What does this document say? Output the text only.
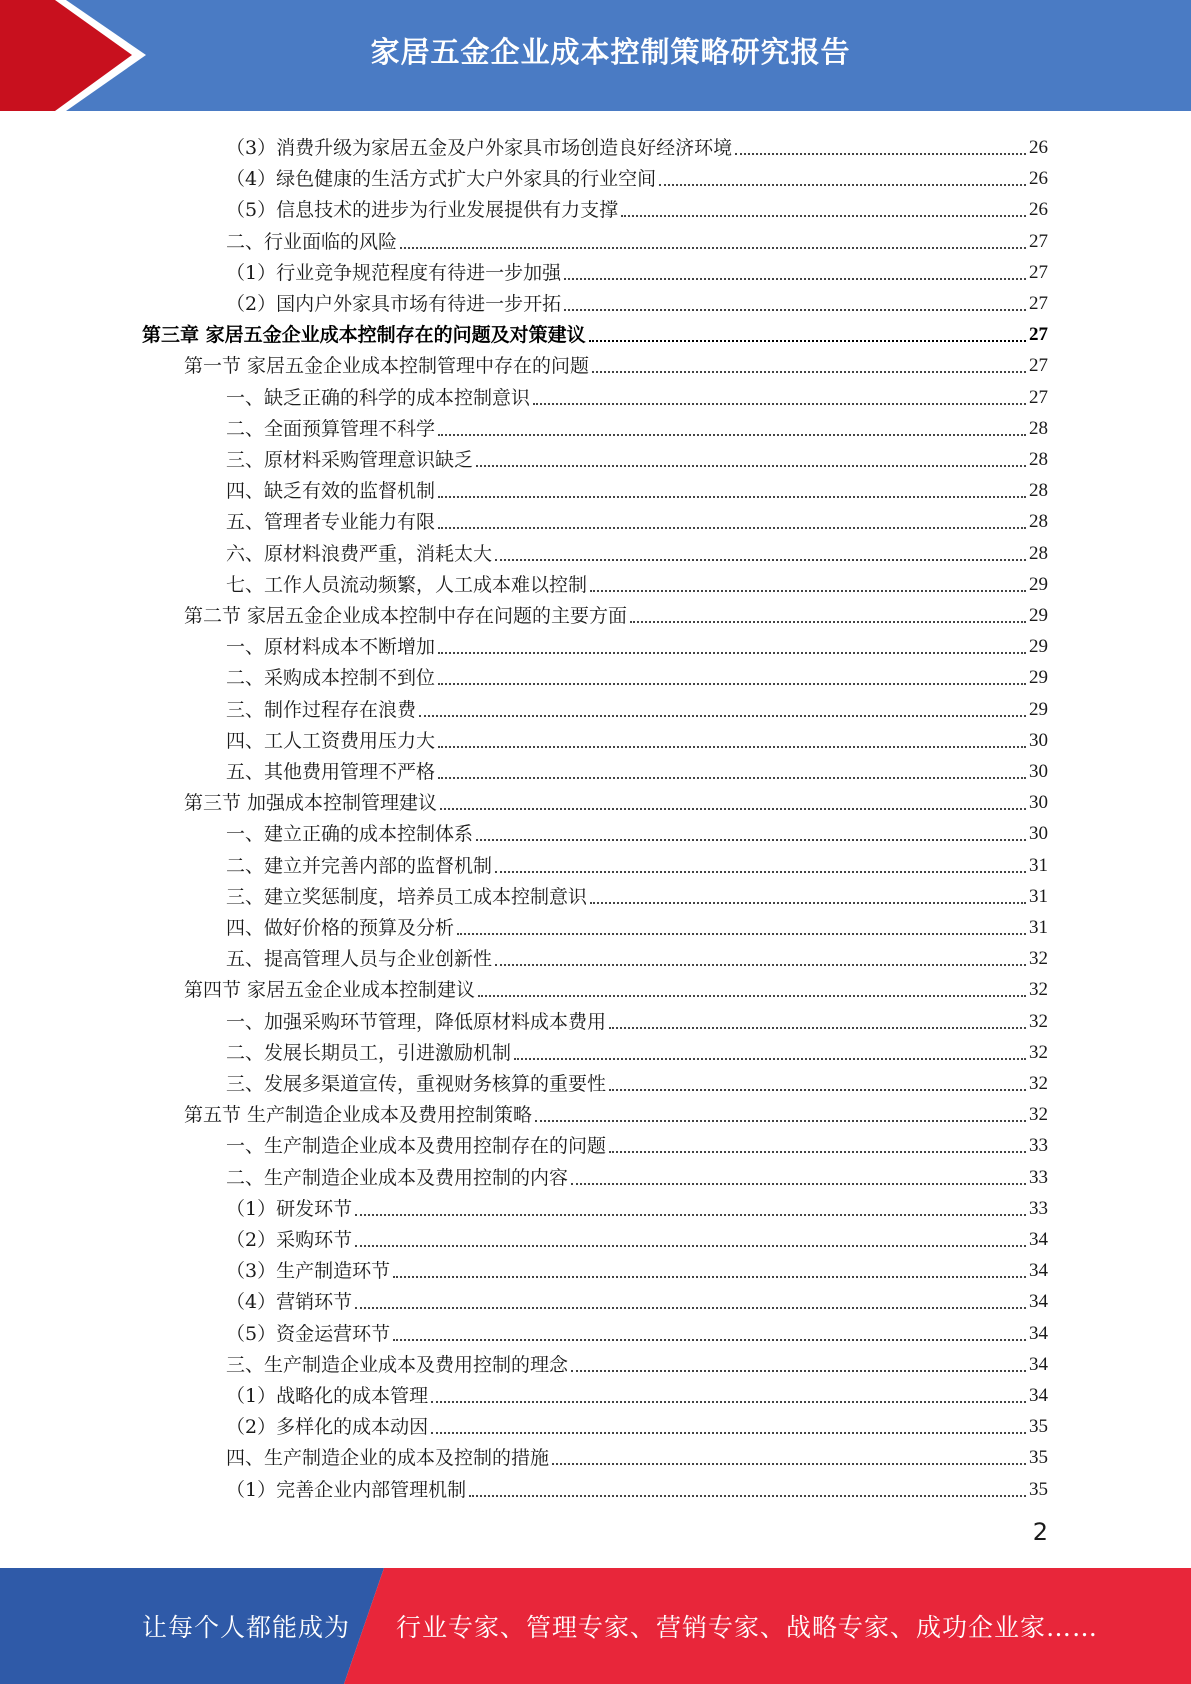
家居五金企业成本控制策略研究报告
（3）消费升级为家居五金及户外家具市场创造良好经济环境	26
（4）绿色健康的生活方式扩大户外家具的行业空间	26
（5）信息技术的进步为行业发展提供有力支撑	26
二、行业面临的风险	27
（1）行业竞争规范程度有待进一步加强	27
（2）国内户外家具市场有待进一步开拓	27
第三章 家居五金企业成本控制存在的问题及对策建议	27
第一节 家居五金企业成本控制管理中存在的问题	27
一、缺乏正确的科学的成本控制意识	27
二、全面预算管理不科学	28
三、原材料采购管理意识缺乏	28
四、缺乏有效的监督机制	28
五、管理者专业能力有限	28
六、原材料浪费严重，消耗太大	28
七、工作人员流动频繁，人工成本难以控制	29
第二节 家居五金企业成本控制中存在问题的主要方面	29
一、原材料成本不断增加	29
二、采购成本控制不到位	29
三、制作过程存在浪费	29
四、工人工资费用压力大	30
五、其他费用管理不严格	30
第三节 加强成本控制管理建议	30
一、建立正确的成本控制体系	30
二、建立并完善内部的监督机制	31
三、建立奖惩制度，培养员工成本控制意识	31
四、做好价格的预算及分析	31
五、提高管理人员与企业创新性	32
第四节 家居五金企业成本控制建议	32
一、加强采购环节管理，降低原材料成本费用	32
二、发展长期员工，引进激励机制	32
三、发展多渠道宣传，重视财务核算的重要性	32
第五节 生产制造企业成本及费用控制策略	32
一、生产制造企业成本及费用控制存在的问题	33
二、生产制造企业成本及费用控制的内容	33
（1）研发环节	33
（2）采购环节	34
（3）生产制造环节	34
（4）营销环节	34
（5）资金运营环节	34
三、生产制造企业成本及费用控制的理念	34
（1）战略化的成本管理	34
（2）多样化的成本动因	35
四、生产制造企业的成本及控制的措施	35
（1）完善企业内部管理机制	35
2
让每个人都能成为 行业专家、管理专家、营销专家、战略专家、成功企业家……
